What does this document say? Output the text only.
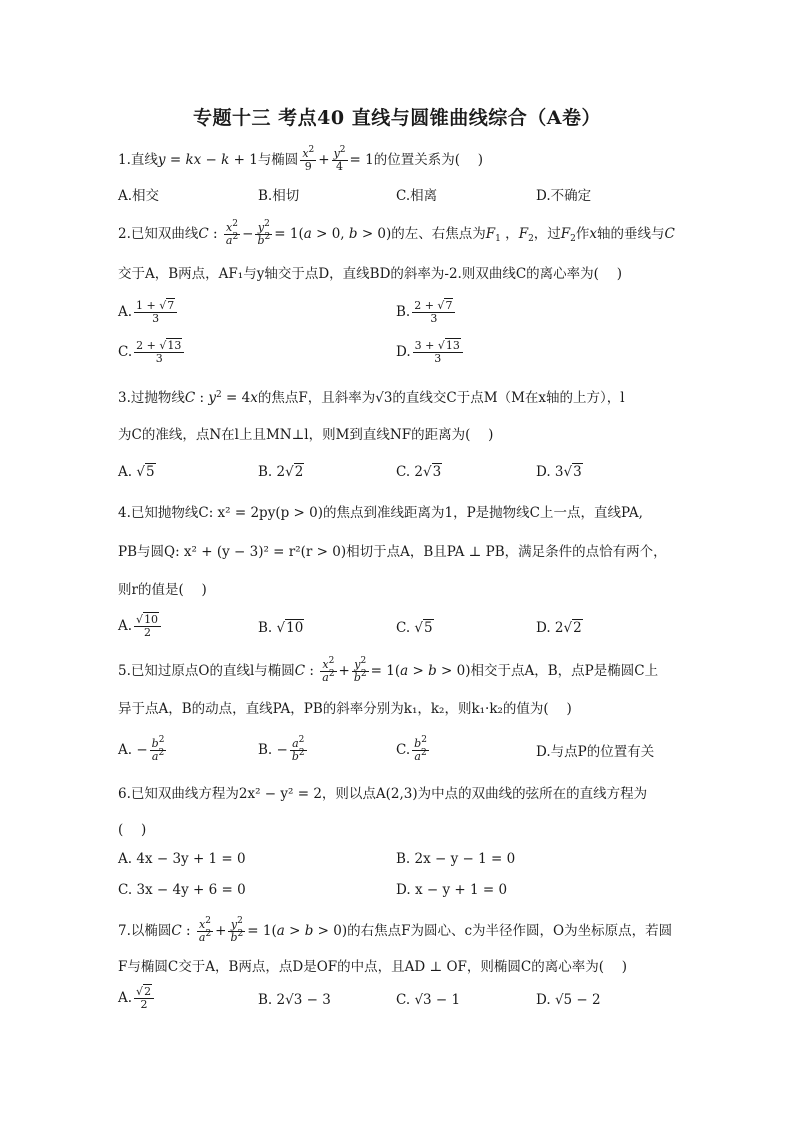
专题十三 考点40 直线与圆锥曲线综合（A卷）
1.直线y = kx − k + 1与椭圆 $\frac{x^2}{9} + \frac{y^2}{4} = 1$的位置关系为(　 )
A.相交	B.相切	C.相离	D.不确定
2.已知双曲线C : $\frac{x^2}{a^2} - \frac{y^2}{b^2} = 1(a > 0$, b > 0)的左、右焦点为$F_1$ ，$F_2$，过$F_2$作x轴的垂线与C
交于A，B两点，AF₁与y轴交于点D，直线BD的斜率为-2.则双曲线C的离心率为(　 )
A. $\frac{1 + √7}{3}$	B. $\frac{2 + √7}{3}$
C. $\frac{2 + √13}{3}$	D. $\frac{3 + √13}{3}$
3.过抛物线C : $y^2 = 4x$的焦点F，且斜率为√3的直线交C于点M（M在x轴的上方），l
为C的准线，点N在l上且MN⊥l，则M到直线NF的距离为(　 )
A. √5	B. 2√2	C. 2√3	D. 3√3
4.已知抛物线C: x² = 2py(p > 0)的焦点到准线距离为1，P是抛物线C上一点，直线PA,
PB与圆Q: x² + (y − 3)² = r²(r > 0)相切于点A，B且PA ⊥ PB，满足条件的点恰有两个，
则r的值是(　 )
A. $\frac{√10}{2}$	B. √10	C. √5	D. 2√2
5.已知过原点O的直线l与椭圆C : $\frac{x^2}{a^2} + \frac{y^2}{b^2} = 1(a > b > 0)$相交于点A，B，点P是椭圆C上
异于点A，B的动点，直线PA，PB的斜率分别为k₁，k₂，则k₁·k₂的值为(　 )
A. − $\frac{b^2}{a^2}$	B. − $\frac{a^2}{b^2}$	C. $\frac{b^2}{a^2}$	D.与点P的位置有关
6.已知双曲线方程为2x² − y² = 2，则以点A(2,3)为中点的双曲线的弦所在的直线方程为
(　 )
A. 4x − 3y + 1 = 0	B. 2x − y − 1 = 0
C. 3x − 4y + 6 = 0	D. x − y + 1 = 0
7.以椭圆C : $\frac{x^2}{a^2} + \frac{y^2}{b^2} = 1(a > b > 0)$的右焦点F为圆心、c为半径作圆，O为坐标原点，若圆
F与椭圆C交于A，B两点，点D是OF的中点，且AD ⊥ OF，则椭圆C的离心率为(　 )
A. $\frac{√2}{2}$	B. 2√3 − 3	C. √3 − 1	D. √5 − 2
